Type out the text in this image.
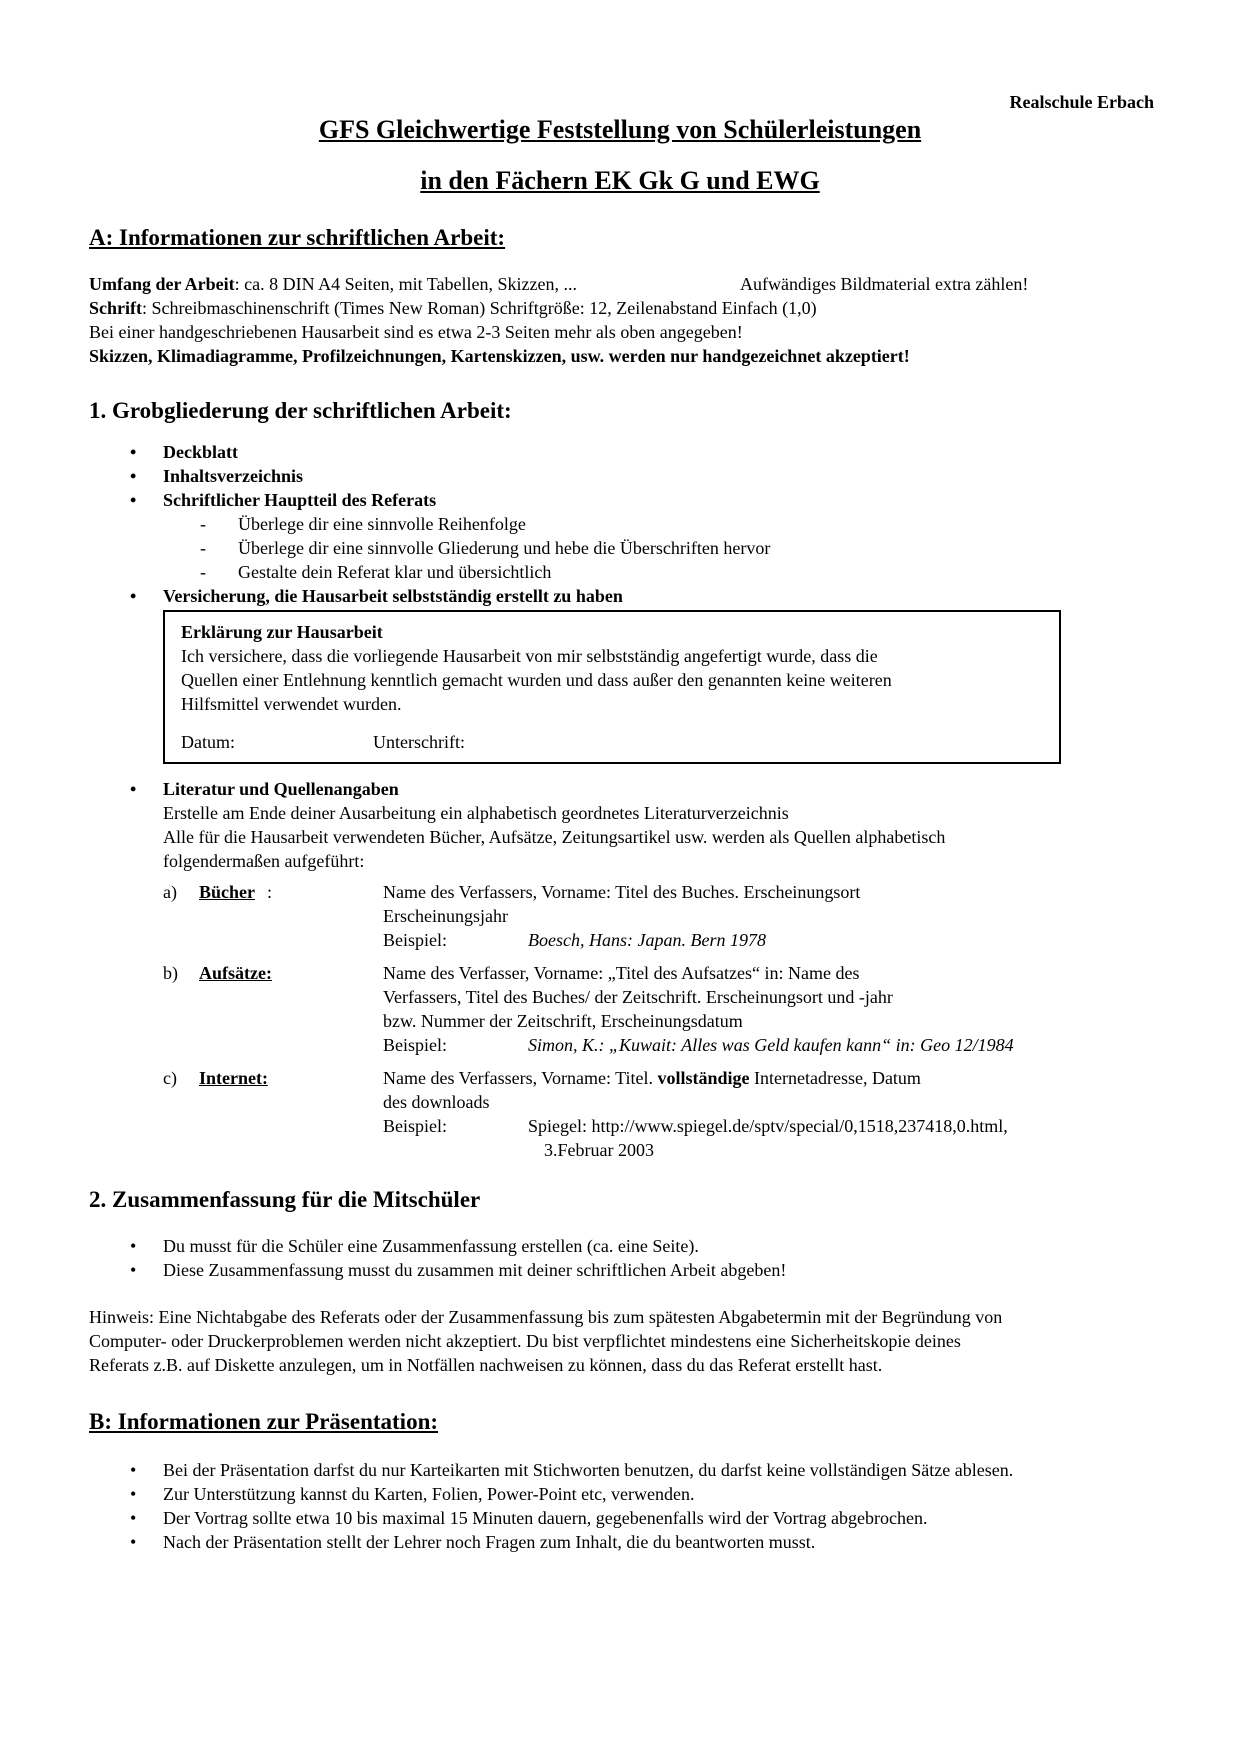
Realschule Erbach
GFS Gleichwertige Feststellung von Schülerleistungen
in den Fächern EK Gk G und EWG
A: Informationen zur schriftlichen Arbeit:
Umfang der Arbeit: ca. 8 DIN A4 Seiten, mit Tabellen, Skizzen, ...	Aufwändiges Bildmaterial extra zählen!
Schrift: Schreibmaschinenschrift (Times New Roman) Schriftgröße: 12, Zeilenabstand Einfach (1,0)
Bei einer handgeschriebenen Hausarbeit sind es etwa 2-3 Seiten mehr als oben angegeben!
Skizzen, Klimadiagramme, Profilzeichnungen, Kartenskizzen, usw. werden nur handgezeichnet akzeptiert!
1. Grobgliederung der schriftlichen Arbeit:
• Deckblatt
• Inhaltsverzeichnis
• Schriftlicher Hauptteil des Referats
- Überlege dir eine sinnvolle Reihenfolge
- Überlege dir eine sinnvolle Gliederung und hebe die Überschriften hervor
- Gestalte dein Referat klar und übersichtlich
• Versicherung, die Hausarbeit selbstständig erstellt zu haben
Erklärung zur Hausarbeit
Ich versichere, dass die vorliegende Hausarbeit von mir selbstständig angefertigt wurde, dass die
Quellen einer Entlehnung kenntlich gemacht wurden und dass außer den genannten keine weiteren
Hilfsmittel verwendet wurden.
Datum:	Unterschrift:
• Literatur und Quellenangaben
Erstelle am Ende deiner Ausarbeitung ein alphabetisch geordnetes Literaturverzeichnis
Alle für die Hausarbeit verwendeten Bücher, Aufsätze, Zeitungsartikel usw. werden als Quellen alphabetisch
folgendermaßen aufgeführt:
a) Bücher :	Name des Verfassers, Vorname: Titel des Buches. Erscheinungsort
Erscheinungsjahr
Beispiel:	Boesch, Hans: Japan. Bern 1978
b) Aufsätze:	Name des Verfasser, Vorname: „Titel des Aufsatzes“ in: Name des
Verfassers, Titel des Buches/ der Zeitschrift. Erscheinungsort und -jahr
bzw. Nummer der Zeitschrift, Erscheinungsdatum
Beispiel:	Simon, K.: „Kuwait: Alles was Geld kaufen kann“ in: Geo 12/1984
c) Internet:	Name des Verfassers, Vorname: Titel. vollständige Internetadresse, Datum
des downloads
Beispiel:	Spiegel: http://www.spiegel.de/sptv/special/0,1518,237418,0.html,
3.Februar 2003
2. Zusammenfassung für die Mitschüler
• Du musst für die Schüler eine Zusammenfassung erstellen (ca. eine Seite).
• Diese Zusammenfassung musst du zusammen mit deiner schriftlichen Arbeit abgeben!
Hinweis: Eine Nichtabgabe des Referats oder der Zusammenfassung bis zum spätesten Abgabetermin mit der Begründung von
Computer- oder Druckerproblemen werden nicht akzeptiert. Du bist verpflichtet mindestens eine Sicherheitskopie deines
Referats z.B. auf Diskette anzulegen, um in Notfällen nachweisen zu können, dass du das Referat erstellt hast.
B: Informationen zur Präsentation:
• Bei der Präsentation darfst du nur Karteikarten mit Stichworten benutzen, du darfst keine vollständigen Sätze ablesen.
• Zur Unterstützung kannst du Karten, Folien, Power-Point etc, verwenden.
• Der Vortrag sollte etwa 10 bis maximal 15 Minuten dauern, gegebenenfalls wird der Vortrag abgebrochen.
• Nach der Präsentation stellt der Lehrer noch Fragen zum Inhalt, die du beantworten musst.
